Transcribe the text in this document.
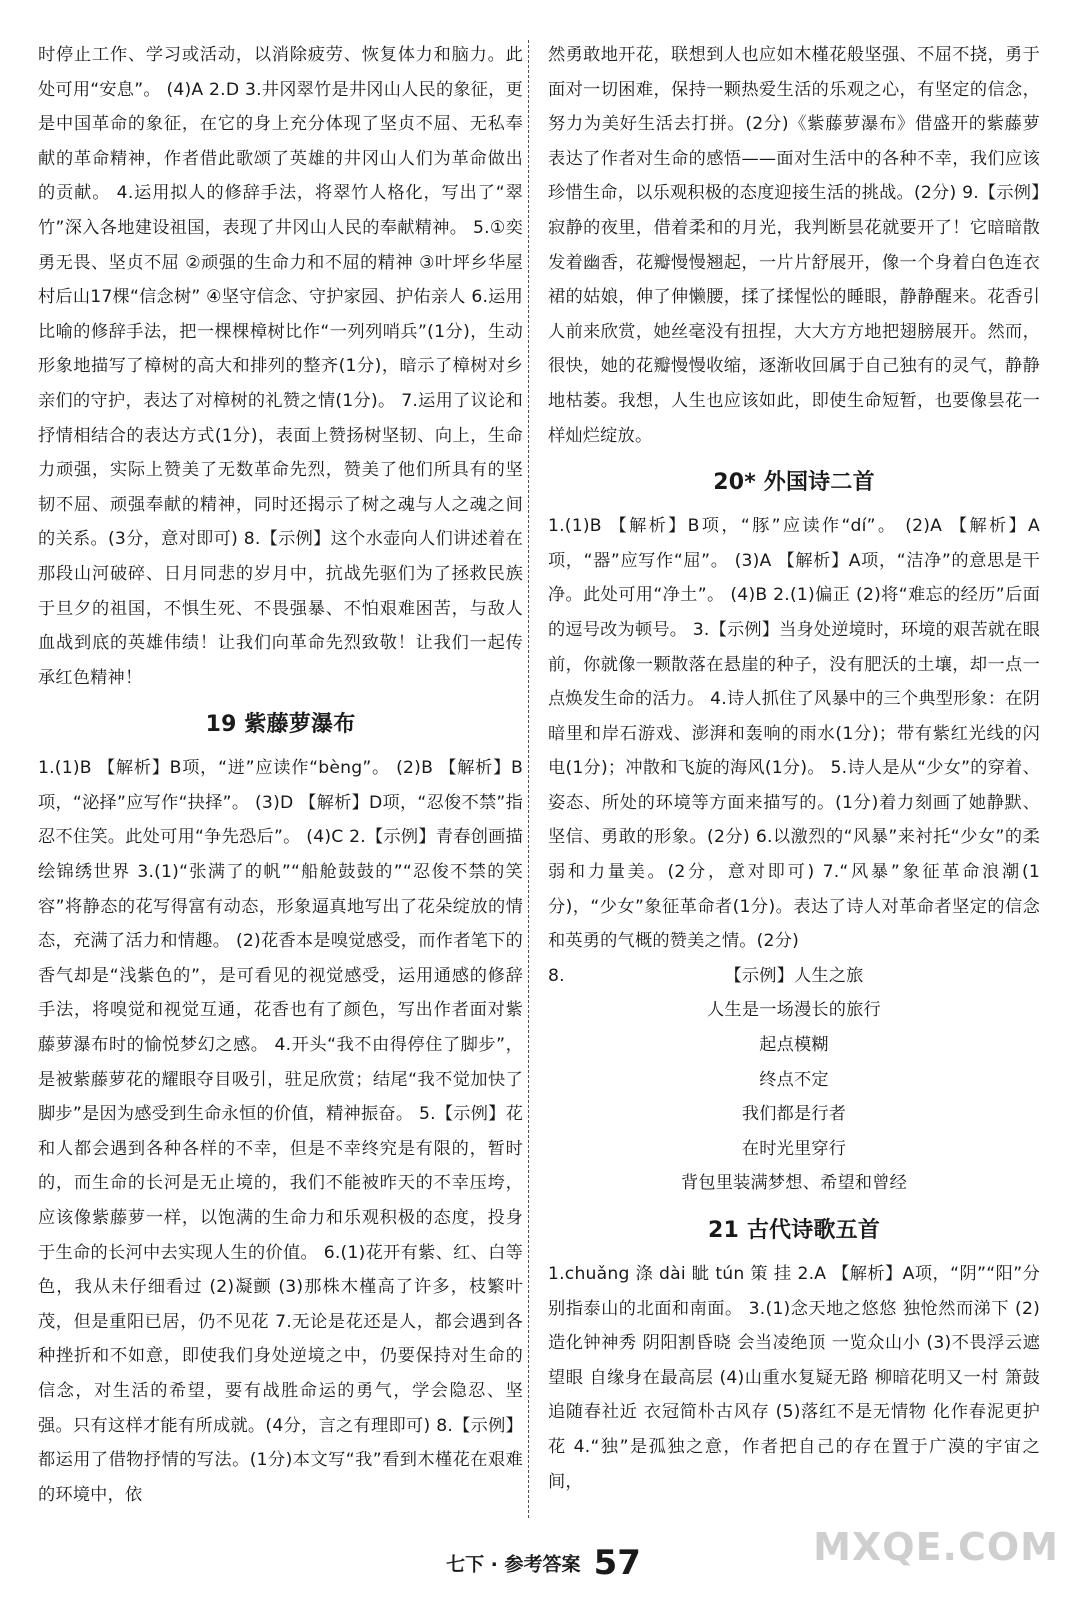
时停止工作、学习或活动，以消除疲劳、恢复体力和脑力。此处可用“安息”。 (4)A 2.D 3.井冈翠竹是井冈山人民的象征，更是中国革命的象征，在它的身上充分体现了坚贞不屈、无私奉献的革命精神，作者借此歌颂了英雄的井冈山人们为革命做出的贡献。 4.运用拟人的修辞手法，将翠竹人格化，写出了“翠竹”深入各地建设祖国，表现了井冈山人民的奉献精神。 5.①奕勇无畏、坚贞不屈 ②顽强的生命力和不屈的精神 ③叶坪乡华屋村后山17棵“信念树” ④坚守信念、守护家园、护佑亲人 6.运用比喻的修辞手法，把一棵棵樟树比作“一列列哨兵”(1分)，生动形象地描写了樟树的高大和排列的整齐(1分)，暗示了樟树对乡亲们的守护，表达了对樟树的礼赞之情(1分)。 7.运用了议论和抒情相结合的表达方式(1分)，表面上赞扬树坚韧、向上，生命力顽强，实际上赞美了无数革命先烈，赞美了他们所具有的坚韧不屈、顽强奉献的精神，同时还揭示了树之魂与人之魂之间的关系。(3分，意对即可) 8.【示例】这个水壶向人们讲述着在那段山河破碎、日月同悲的岁月中，抗战先驱们为了拯救民族于旦夕的祖国，不惧生死、不畏强暴、不怕艰难困苦，与敌人血战到底的英雄伟绩！让我们向革命先烈致敬！让我们一起传承红色精神！

19 紫藤萝瀑布

1.(1)B 【解析】B项，“迸”应读作“bèng”。 (2)B 【解析】B项，“泌择”应写作“抉择”。 (3)D 【解析】D项，“忍俊不禁”指忍不住笑。此处可用“争先恐后”。 (4)C 2.【示例】青春创画描绘锦绣世界 3.(1)“张满了的帆”“船舱鼓鼓的”“忍俊不禁的笑容”将静态的花写得富有动态，形象逼真地写出了花朵绽放的情态，充满了活力和情趣。 (2)花香本是嗅觉感受，而作者笔下的香气却是“浅紫色的”，是可看见的视觉感受，运用通感的修辞手法，将嗅觉和视觉互通，花香也有了颜色，写出作者面对紫藤萝瀑布时的愉悦梦幻之感。 4.开头“我不由得停住了脚步”，是被紫藤萝花的耀眼夺目吸引，驻足欣赏；结尾“我不觉加快了脚步”是因为感受到生命永恒的价值，精神振奋。 5.【示例】花和人都会遇到各种各样的不幸，但是不幸终究是有限的，暂时的，而生命的长河是无止境的，我们不能被昨天的不幸压垮，应该像紫藤萝一样，以饱满的生命力和乐观积极的态度，投身于生命的长河中去实现人生的价值。 6.(1)花开有紫、红、白等色，我从未仔细看过 (2)凝颤 (3)那株木槿高了许多，枝繁叶茂，但是重阳已居，仍不见花 7.无论是花还是人，都会遇到各种挫折和不如意，即使我们身处逆境之中，仍要保持对生命的信念，对生活的希望，要有战胜命运的勇气，学会隐忍、坚强。只有这样才能有所成就。(4分，言之有理即可) 8.【示例】都运用了借物抒情的写法。(1分)本文写“我”看到木槿花在艰难的环境中，依

然勇敢地开花，联想到人也应如木槿花般坚强、不屈不挠，勇于面对一切困难，保持一颗热爱生活的乐观之心，有坚定的信念，努力为美好生活去打拼。(2分)《紫藤萝瀑布》借盛开的紫藤萝表达了作者对生命的感悟——面对生活中的各种不幸，我们应该珍惜生命，以乐观积极的态度迎接生活的挑战。(2分) 9.【示例】寂静的夜里，借着柔和的月光，我判断昙花就要开了！它暗暗散发着幽香，花瓣慢慢翘起，一片片舒展开，像一个身着白色连衣裙的姑娘，伸了伸懒腰，揉了揉惺忪的睡眼，静静醒来。花香引人前来欣赏，她丝毫没有扭捏，大大方方地把翅膀展开。然而，很快，她的花瓣慢慢收缩，逐渐收回属于自己独有的灵气，静静地枯萎。我想，人生也应该如此，即使生命短暂，也要像昙花一样灿烂绽放。

20* 外国诗二首

1.(1)B 【解析】B项，“豚”应读作“dí”。 (2)A 【解析】A项，“器”应写作“屈”。 (3)A 【解析】A项，“洁净”的意思是干净。此处可用“净土”。 (4)B 2.(1)偏正 (2)将“难忘的经历”后面的逗号改为顿号。 3.【示例】当身处逆境时，环境的艰苦就在眼前，你就像一颗散落在悬崖的种子，没有肥沃的土壤，却一点一点焕发生命的活力。 4.诗人抓住了风暴中的三个典型形象：在阴暗里和岸石游戏、澎湃和轰响的雨水(1分)；带有紫红光线的闪电(1分)；冲散和飞旋的海风(1分)。 5.诗人是从“少女”的穿着、姿态、所处的环境等方面来描写的。(1分)着力刻画了她静默、坚信、勇敢的形象。(2分) 6.以激烈的“风暴”来衬托“少女”的柔弱和力量美。(2分，意对即可) 7.“风暴”象征革命浪潮(1分)，“少女”象征革命者(1分)。表达了诗人对革命者坚定的信念和英勇的气概的赞美之情。(2分)

8.	【示例】人生之旅

人生是一场漫长的旅行

起点模糊

终点不定

我们都是行者

在时光里穿行

背包里装满梦想、希望和曾经

21 古代诗歌五首

1.chuǎng 涤 dài 眦 tún 策 挂 2.A 【解析】A项，“阴”“阳”分别指泰山的北面和南面。 3.(1)念天地之悠悠 独怆然而涕下 (2)造化钟神秀 阴阳割昏晓 会当凌绝顶 一览众山小 (3)不畏浮云遮望眼 自缘身在最高层 (4)山重水复疑无路 柳暗花明又一村 箫鼓追随春社近 衣冠简朴古风存 (5)落红不是无情物 化作春泥更护花 4.“独”是孤独之意，作者把自己的存在置于广漠的宇宙之间，

七下 · 参考答案 57	MXQE.COM
